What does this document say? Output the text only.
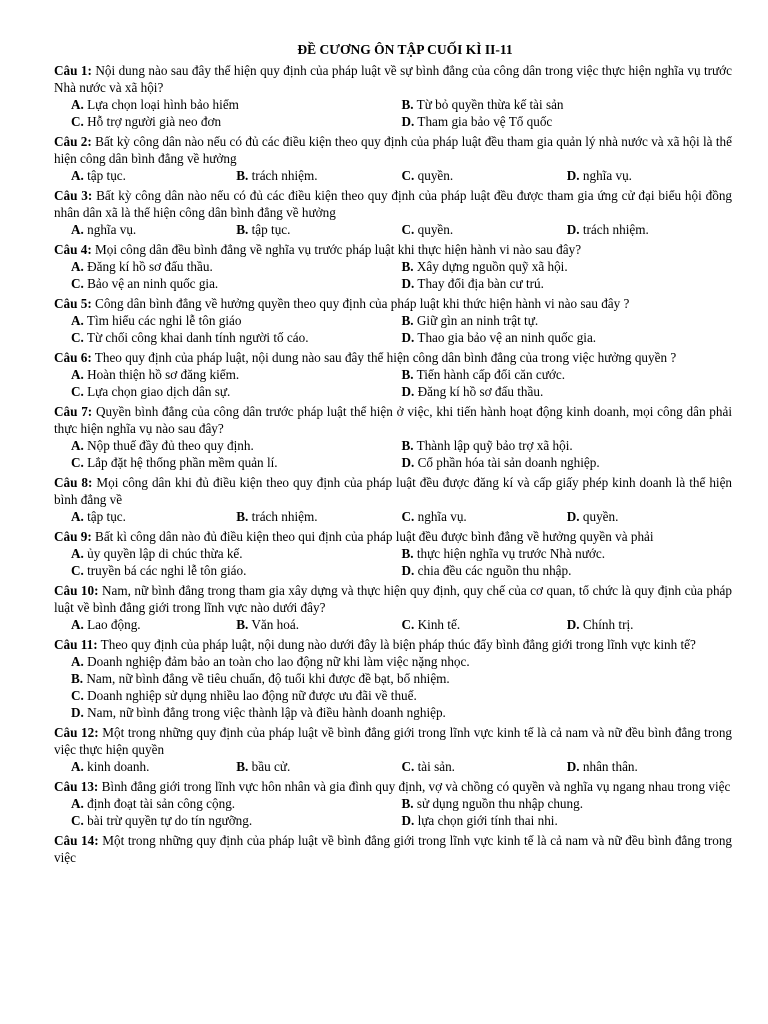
ĐỀ CƯƠNG ÔN TẬP CUỐI KÌ II-11
Câu 1: Nội dung nào sau đây thể hiện quy định của pháp luật về sự bình đẳng của công dân trong việc thực hiện nghĩa vụ trước Nhà nước và xã hội?
A. Lựa chọn loại hình bảo hiểm	B. Từ bỏ quyền thừa kế tài sản
C. Hỗ trợ người già neo đơn	D. Tham gia bảo vệ Tổ quốc
Câu 2: Bất kỳ công dân nào nếu có đủ các điều kiện theo quy định của pháp luật đều tham gia quản lý nhà nước và xã hội là thể hiện công dân bình đẳng về hưởng
A. tập tục.	B. trách nhiệm.	C. quyền.	D. nghĩa vụ.
Câu 3: Bất kỳ công dân nào nếu có đủ các điều kiện theo quy định của pháp luật đều được tham gia ứng cử đại biểu hội đồng nhân dân xã là thể hiện công dân bình đẳng về hưởng
A. nghĩa vụ.	B. tập tục.	C. quyền.	D. trách nhiệm.
Câu 4: Mọi công dân đều bình đẳng về nghĩa vụ trước pháp luật khi thực hiện hành vi nào sau đây?
A. Đăng kí hồ sơ đấu thầu.	B. Xây dựng nguồn quỹ xã hội.
C. Bảo vệ an ninh quốc gia.	D. Thay đổi địa bàn cư trú.
Câu 5: Công dân bình đẳng về hưởng quyền theo quy định của pháp luật khi thức hiện hành vi nào sau đây ?
A. Tìm hiểu các nghi lễ tôn giáo	B. Giữ gìn an ninh trật tự.
C. Từ chối công khai danh tính người tố cáo.	D. Thao gia bảo vệ an ninh quốc gia.
Câu 6: Theo quy định của pháp luật, nội dung nào sau đây thể hiện công dân bình đẳng của trong việc hưởng quyền ?
A. Hoàn thiện hồ sơ đăng kiểm.	B. Tiến hành cấp đổi căn cước.
C. Lựa chọn giao dịch dân sự.	D. Đăng kí hồ sơ đấu thầu.
Câu 7: Quyền bình đẳng của công dân trước pháp luật thể hiện ở việc, khi tiến hành hoạt động kinh doanh, mọi công dân phải thực hiện nghĩa vụ nào sau đây?
A. Nộp thuế đầy đủ theo quy định.	B. Thành lập quỹ bảo trợ xã hội.
C. Lắp đặt hệ thống phần mềm quản lí.	D. Cổ phần hóa tài sản doanh nghiệp.
Câu 8: Mọi công dân khi đủ điều kiện theo quy định của pháp luật đều được đăng kí và cấp giấy phép kinh doanh là thể hiện bình đẳng về
A. tập tục.	B. trách nhiệm.	C. nghĩa vụ.	D. quyền.
Câu 9: Bất kì công dân nào đủ điều kiện theo qui định của pháp luật đều được bình đẳng về hưởng quyền và phải
A. ủy quyền lập di chúc thừa kế.	B. thực hiện nghĩa vụ trước Nhà nước.
C. truyền bá các nghi lễ tôn giáo.	D. chia đều các nguồn thu nhập.
Câu 10: Nam, nữ bình đẳng trong tham gia xây dựng và thực hiện quy định, quy chế của cơ quan, tổ chức là quy định của pháp luật về bình đẳng giới trong lĩnh vực nào dưới đây?
A. Lao động.	B. Văn hoá.	C. Kinh tế.	D. Chính trị.
Câu 11: Theo quy định của pháp luật, nội dung nào dưới đây là biện pháp thúc đẩy bình đẳng giới trong lĩnh vực kinh tế?
A. Doanh nghiệp đảm bảo an toàn cho lao động nữ khi làm việc nặng nhọc.
B. Nam, nữ bình đẳng về tiêu chuẩn, độ tuổi khi được đề bạt, bổ nhiệm.
C. Doanh nghiệp sử dụng nhiều lao động nữ được ưu đãi về thuế.
D. Nam, nữ bình đẳng trong việc thành lập và điều hành doanh nghiệp.
Câu 12: Một trong những quy định của pháp luật về bình đẳng giới trong lĩnh vực kinh tế là cả nam và nữ đều bình đẳng trong việc thực hiện quyền
A. kinh doanh.	B. bầu cử.	C. tài sản.	D. nhân thân.
Câu 13: Bình đẳng giới trong lĩnh vực hôn nhân và gia đình quy định, vợ và chồng có quyền và nghĩa vụ ngang nhau trong việc
A. định đoạt tài sản công cộng.	B. sử dụng nguồn thu nhập chung.
C. bài trừ quyền tự do tín ngưỡng.	D. lựa chọn giới tính thai nhi.
Câu 14: Một trong những quy định của pháp luật về bình đẳng giới trong lĩnh vực kinh tế là cả nam và nữ đều bình đẳng trong việc
